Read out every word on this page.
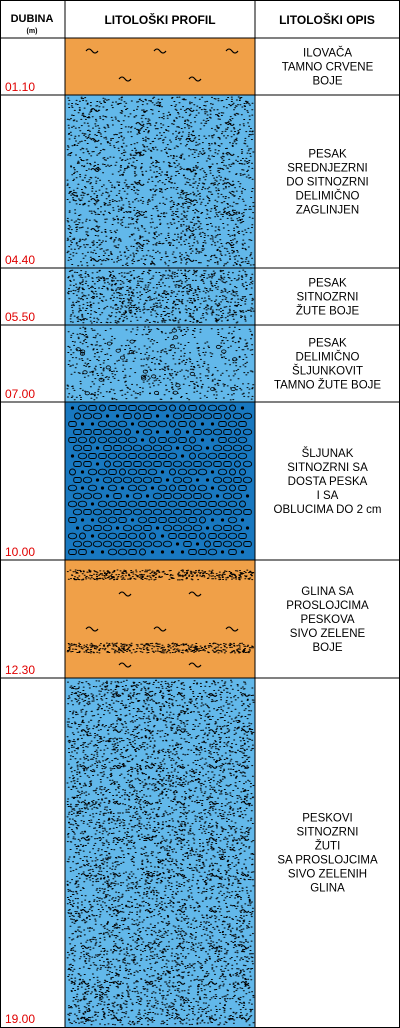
DUBINA
(m)
LITOLOŠKI PROFIL	LITOLOŠKI OPIS
01.10
ILOVAČA
TAMNO CRVENE
BOJE
04.40
PESAK
SREDNJEZRNI
DO SITNOZRNI
DELIMIČNO
ZAGLINJEN
05.50
PESAK
SITNOZRNI
ŽUTE BOJE
07.00
PESAK
DELIMIČNO
ŠLJUNKOVIT
TAMNO ŽUTE BOJE
10.00
ŠLJUNAK
SITNOZRNI SA
DOSTA PESKA
I SA
OBLUCIMA DO 2 cm
12.30
GLINA SA
PROSLOJCIMA
PESKOVA
SIVO ZELENE
BOJE
19.00
PESKOVI
SITNOZRNI
ŽUTI
SA PROSLOJCIMA
SIVO ZELENIH
GLINA
